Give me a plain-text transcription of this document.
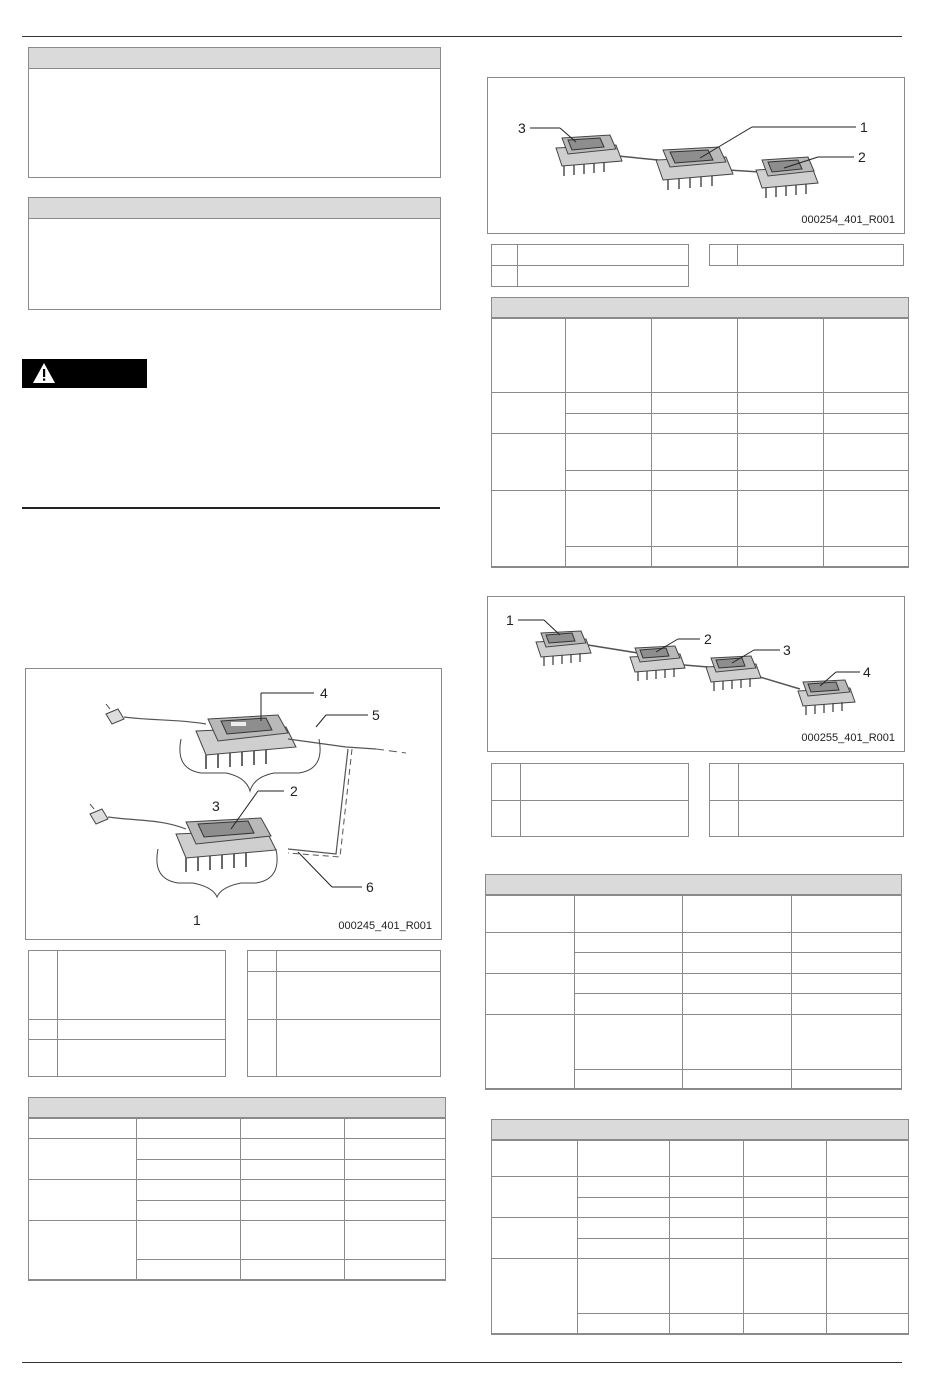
4
5
3
2
6
1	000245_401_R001

3	1
2
000254_401_R001

1
2
3
4
000255_401_R001
